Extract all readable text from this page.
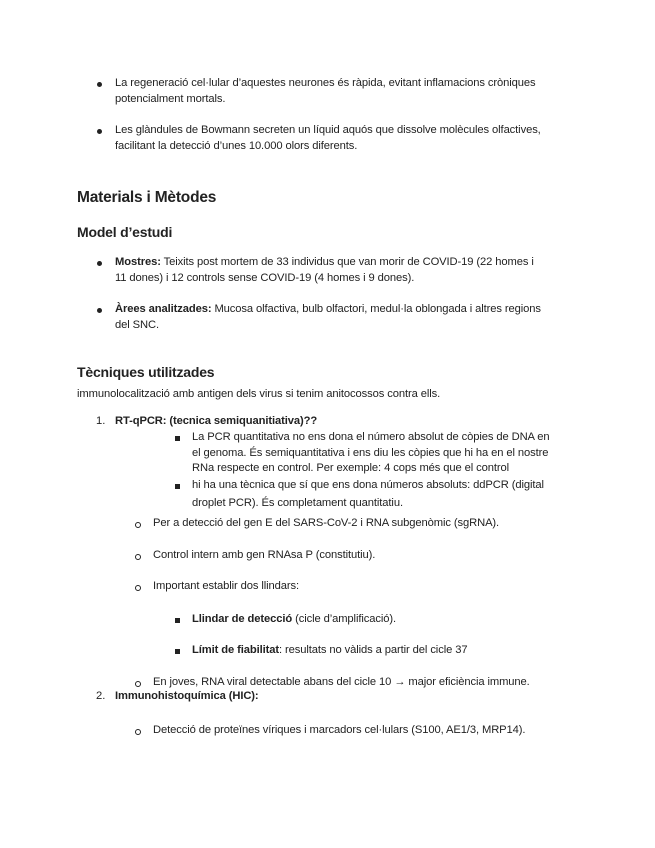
La regeneració cel·lular d’aquestes neurones és ràpida, evitant inflamacions cròniques
potencialment mortals.
Les glàndules de Bowmann secreten un líquid aquós que dissolve molècules olfactives,
facilitant la detecció d’unes 10.000 olors diferents.
Materials i Mètodes
Model d’estudi
Mostres: Teixits post mortem de 33 individus que van morir de COVID-19 (22 homes i
11 dones) i 12 controls sense COVID-19 (4 homes i 9 dones).
Àrees analitzades: Mucosa olfactiva, bulb olfactori, medul·la oblongada i altres regions
del SNC.
Tècniques utilitzades
immunolocalització amb antigen dels virus si tenim anitocossos contra ells.
1. RT-qPCR: (tecnica semiquanitiativa)??
La PCR quantitativa no ens dona el número absolut de còpies de DNA en
el genoma. És semiquantitativa i ens diu les còpies que hi ha en el nostre
RNa respecte en control. Per exemple: 4 cops més que el control
hi ha una tècnica que sí que ens dona números absoluts: ddPCR (digital
droplet PCR). És completament quantitatiu.
Per a detecció del gen E del SARS-CoV-2 i RNA subgenòmic (sgRNA).
Control intern amb gen RNAsa P (constitutiu).
Important establir dos llindars:
Llindar de detecció (cicle d’amplificació).
Límit de fiabilitat: resultats no vàlids a partir del cicle 37
En joves, RNA viral detectable abans del cicle 10 → major eficiència immune.
2. Immunohistoquímica (HIC):
Detecció de proteïnes víriques i marcadors cel·lulars (S100, AE1/3, MRP14).
